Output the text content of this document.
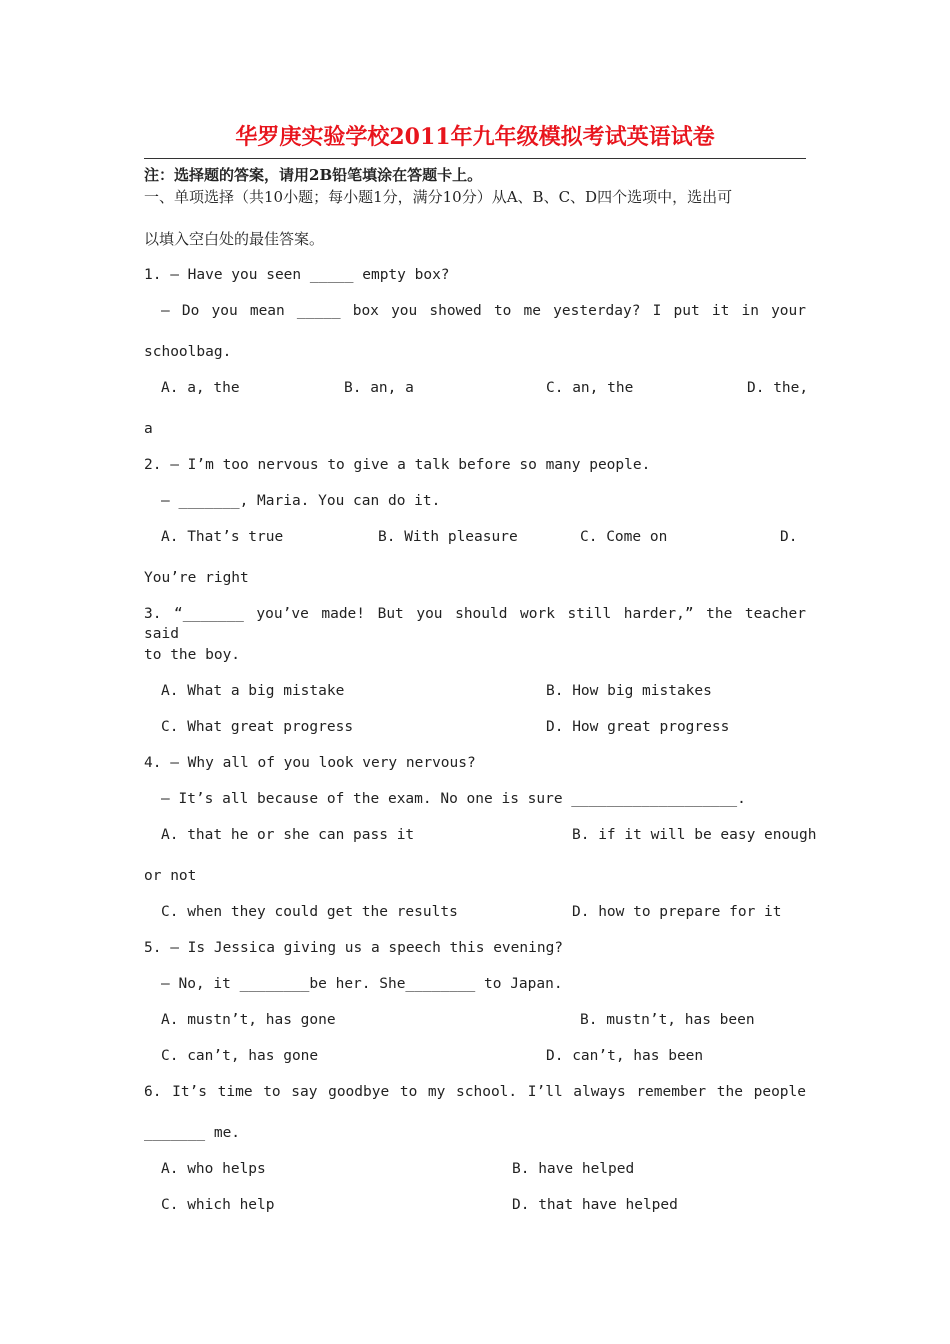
华罗庚实验学校2011年九年级模拟考试英语试卷
注：选择题的答案，请用2B铅笔填涂在答题卡上。
一、单项选择（共10小题；每小题1分，满分10分）从A、B、C、D四个选项中，选出可
以填入空白处的最佳答案。
1. — Have you seen _____ empty box?
— Do you mean _____ box you showed to me yesterday? I put it in your
schoolbag.
A. a, the	B. an, a	C. an, the	D. the,
a
2. — I’m too nervous to give a talk before so many people.
— _______, Maria. You can do it.
A. That’s true	B. With pleasure	C. Come on	D.
You’re right
3. “_______ you’ve made! But you should work still harder,” the teacher said
to the boy.
A. What a big mistake	B. How big mistakes
C. What great progress	D. How great progress
4. — Why all of you look very nervous?
— It’s all because of the exam. No one is sure ___________________.
A. that he or she can pass it	B. if it will be easy enough
or not
C. when they could get the results	D. how to prepare for it
5. — Is Jessica giving us a speech this evening?
— No, it ________be her. She________ to Japan.
A. mustn’t, has gone	B. mustn’t, has been
C. can’t, has gone	D. can’t, has been
6. It’s time to say goodbye to my school. I’ll always remember the people
_______ me.
A. who helps	B. have helped
C. which help	D. that have helped
